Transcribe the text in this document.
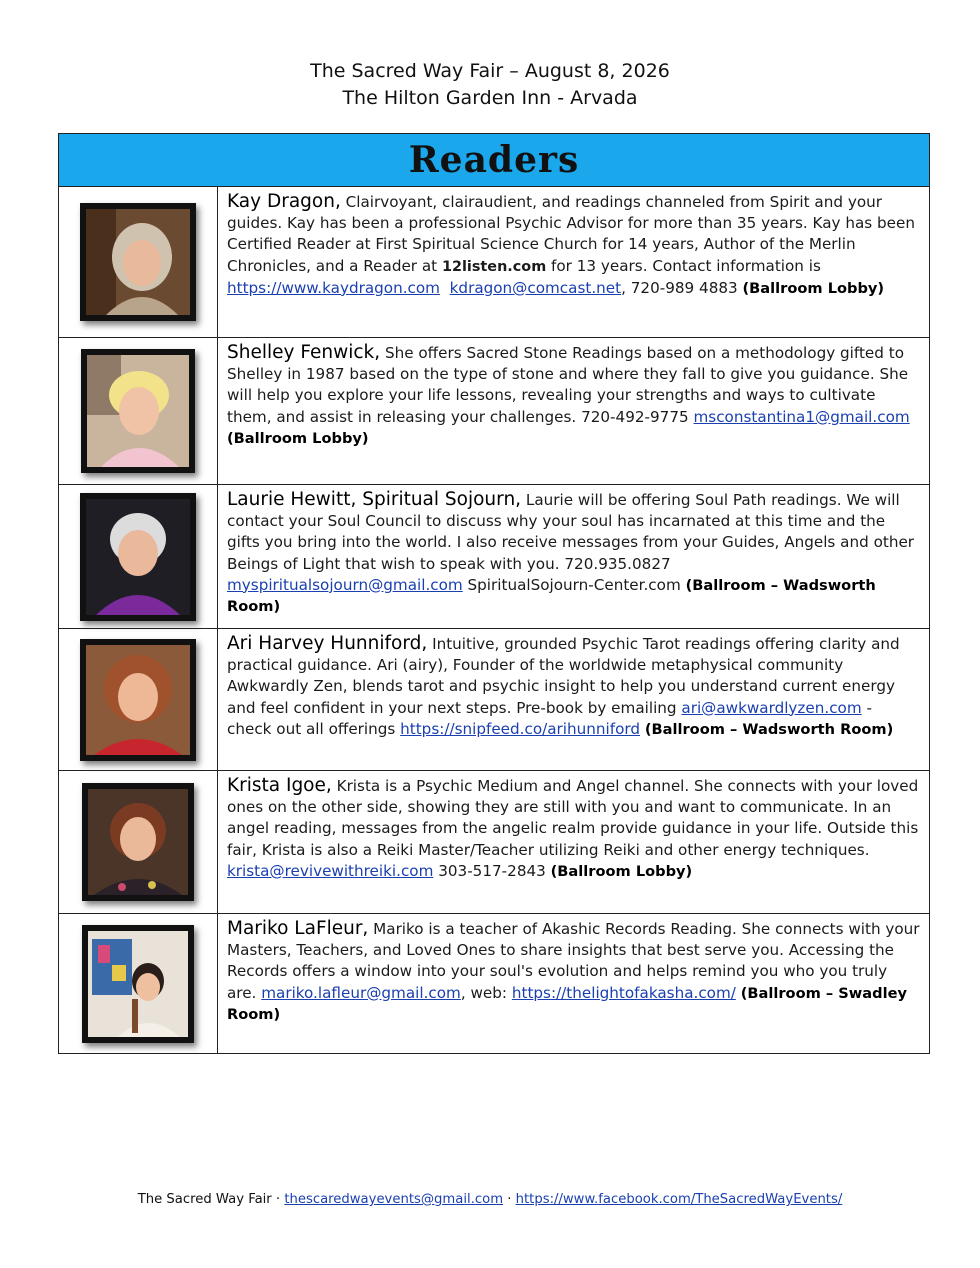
The Sacred Way Fair – August 8, 2026
The Hilton Garden Inn - Arvada
Readers
Kay Dragon, Clairvoyant, clairaudient, and readings channeled from Spirit and your guides. Kay has been a professional Psychic Advisor for more than 35 years. Kay has been Certified Reader at First Spiritual Science Church for 14 years, Author of the Merlin Chronicles, and a Reader at 12listen.com for 13 years. Contact information is https://www.kaydragon.com kdragon@comcast.net, 720-989 4883 (Ballroom Lobby)
Shelley Fenwick, She offers Sacred Stone Readings based on a methodology gifted to Shelley in 1987 based on the type of stone and where they fall to give you guidance. She will help you explore your life lessons, revealing your strengths and ways to cultivate them, and assist in releasing your challenges. 720-492-9775 msconstantina1@gmail.com
(Ballroom Lobby)
Laurie Hewitt, Spiritual Sojourn, Laurie will be offering Soul Path readings. We will contact your Soul Council to discuss why your soul has incarnated at this time and the gifts you bring into the world. I also receive messages from your Guides, Angels and other Beings of Light that wish to speak with you. 720.935.0827
myspiritualsojourn@gmail.com SpiritualSojourn-Center.com (Ballroom – Wadsworth Room)
Ari Harvey Hunniford, Intuitive, grounded Psychic Tarot readings offering clarity and practical guidance. Ari (airy), Founder of the worldwide metaphysical community Awkwardly Zen, blends tarot and psychic insight to help you understand current energy and feel confident in your next steps. Pre-book by emailing ari@awkwardlyzen.com - check out all offerings https://snipfeed.co/arihunniford (Ballroom – Wadsworth Room)
Krista Igoe, Krista is a Psychic Medium and Angel channel. She connects with your loved ones on the other side, showing they are still with you and want to communicate. In an angel reading, messages from the angelic realm provide guidance in your life. Outside this fair, Krista is also a Reiki Master/Teacher utilizing Reiki and other energy techniques. krista@revivewithreiki.com 303-517-2843 (Ballroom Lobby)
Mariko LaFleur, Mariko is a teacher of Akashic Records Reading. She connects with your Masters, Teachers, and Loved Ones to share insights that best serve you. Accessing the Records offers a window into your soul's evolution and helps remind you who you truly are. mariko.lafleur@gmail.com, web: https://thelightofakasha.com/ (Ballroom – Swadley Room)
The Sacred Way Fair · thescaredwayevents@gmail.com · https://www.facebook.com/TheSacredWayEvents/
